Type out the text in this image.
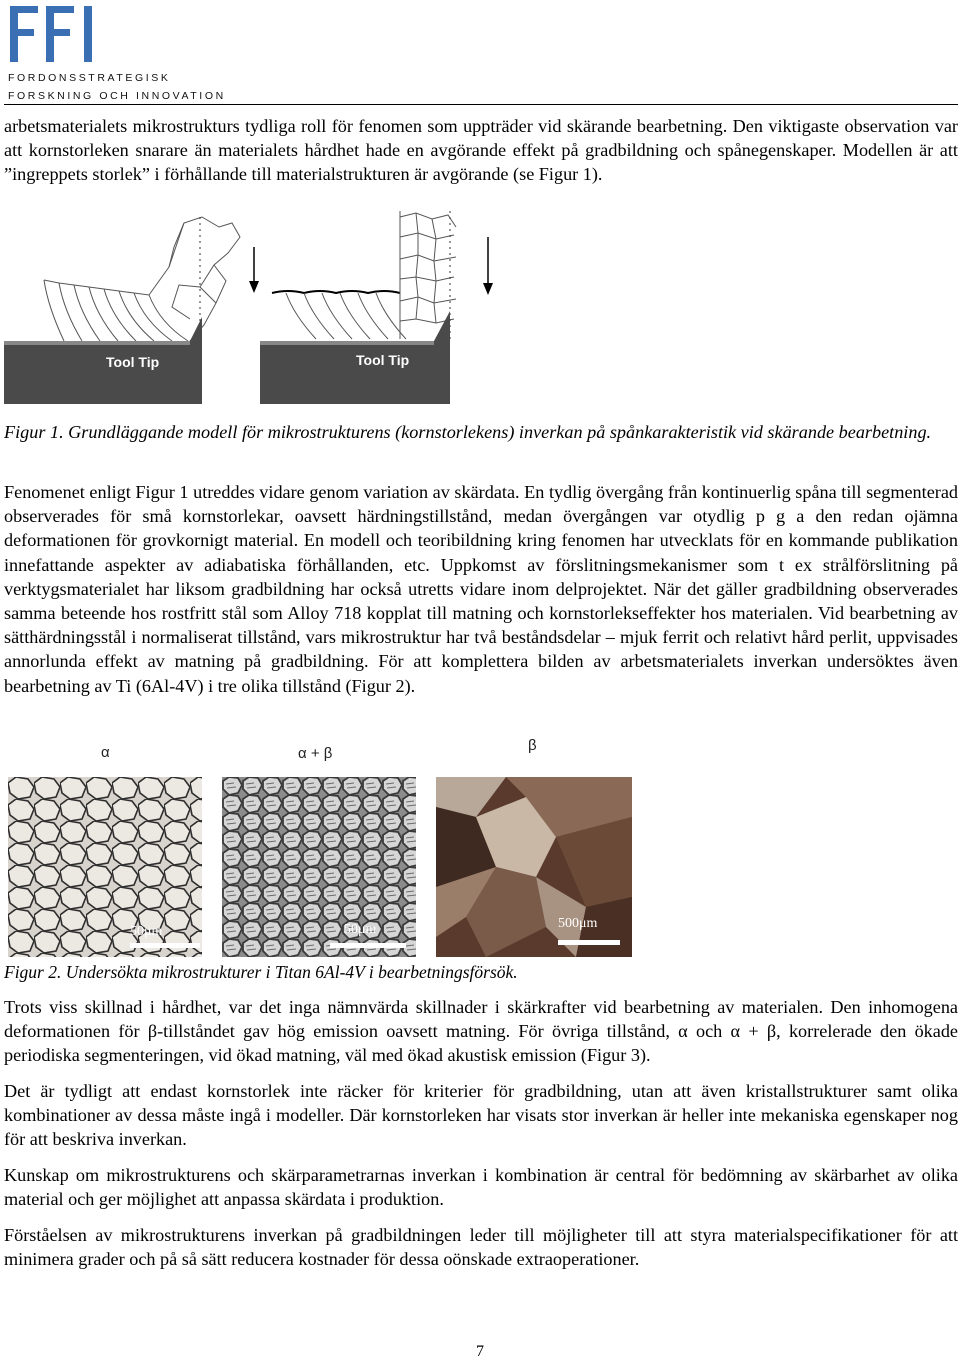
FORDONSSTRATEGISK
FORSKNING OCH INNOVATION

arbetsmaterialets mikrostrukturs tydliga roll för fenomen som uppträder vid skärande bearbetning. Den viktigaste observation var att kornstorleken snarare än materialets hårdhet hade en avgörande effekt på gradbildning och spånegenskaper. Modellen är att ”ingreppets storlek” i förhållande till materialstrukturen är avgörande (se Figur 1).

Tool Tip	Tool Tip

Figur 1. Grundläggande modell för mikrostrukturens (kornstorlekens) inverkan på spånkarakteristik vid skärande bearbetning.

Fenomenet enligt Figur 1 utreddes vidare genom variation av skärdata. En tydlig övergång från kontinuerlig spåna till segmenterad observerades för små kornstorlekar, oavsett härdningstillstånd, medan övergången var otydlig p g a den redan ojämna deformationen för grovkornigt material. En modell och teoribildning kring fenomen har utvecklats för en kommande publikation innefattande aspekter av adiabatiska förhållanden, etc. Uppkomst av förslitningsmekanismer som t ex strålförslitning på verktygsmaterialet har liksom gradbildning har också utretts vidare inom delprojektet. När det gäller gradbildning observerades samma beteende hos rostfritt stål som Alloy 718 kopplat till matning och kornstorlekseffekter hos materialen. Vid bearbetning av sätthärdningsstål i normaliserat tillstånd, vars mikrostruktur har två beståndsdelar – mjuk ferrit och relativt hård perlit, uppvisades annorlunda effekt av matning på gradbildning. För att komplettera bilden av arbetsmaterialets inverkan undersöktes även bearbetning av Ti (6Al-4V) i tre olika tillstånd (Figur 2).

α	α + β	β
50μm	50μm	500μm

Figur 2. Undersökta mikrostrukturer i Titan 6Al-4V i bearbetningsförsök.

Trots viss skillnad i hårdhet, var det inga nämnvärda skillnader i skärkrafter vid bearbetning av materialen. Den inhomogena deformationen för β-tillståndet gav hög emission oavsett matning. För övriga tillstånd, α och α + β, korrelerade den ökade periodiska segmenteringen, vid ökad matning, väl med ökad akustisk emission (Figur 3).

Det är tydligt att endast kornstorlek inte räcker för kriterier för gradbildning, utan att även kristallstrukturer samt olika kombinationer av dessa måste ingå i modeller. Där kornstorleken har visats stor inverkan är heller inte mekaniska egenskaper nog för att beskriva inverkan.

Kunskap om mikrostrukturens och skärparametrarnas inverkan i kombination är central för bedömning av skärbarhet av olika material och ger möjlighet att anpassa skärdata i produktion.

Förståelsen av mikrostrukturens inverkan på gradbildningen leder till möjligheter till att styra materialspecifikationer för att minimera grader och på så sätt reducera kostnader för dessa oönskade extraoperationer.

7
